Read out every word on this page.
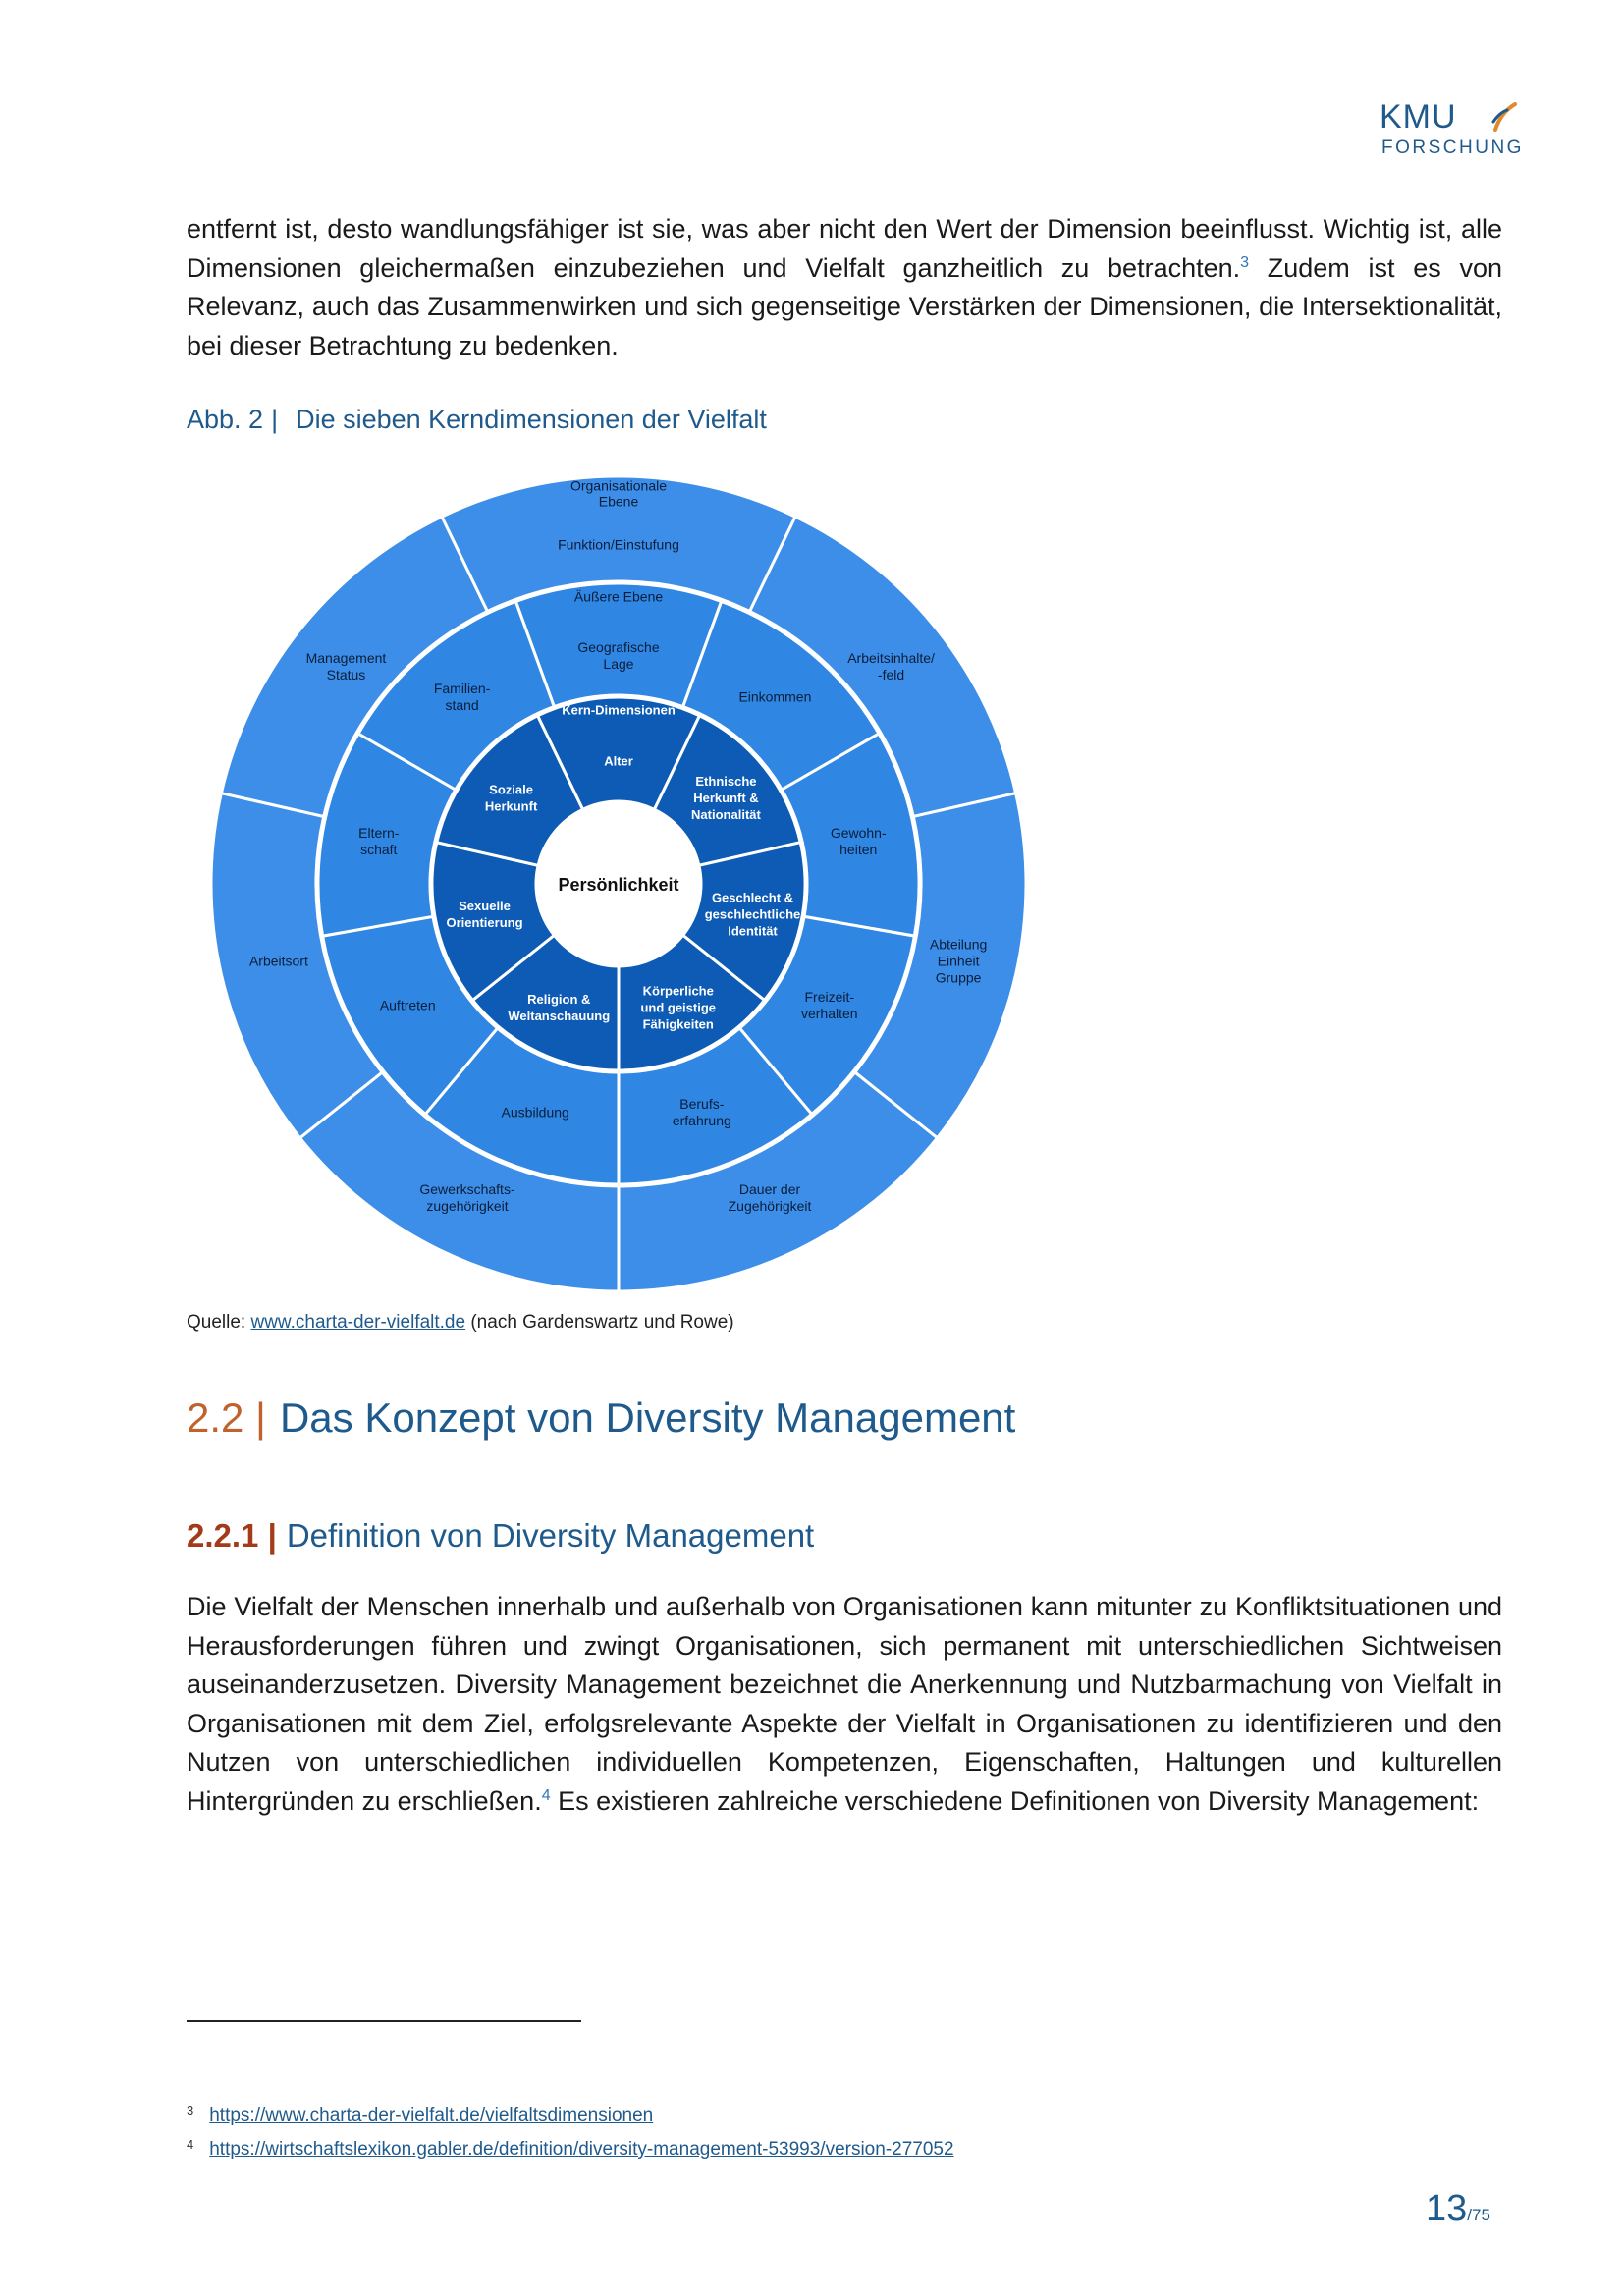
KMU
FORSCHUNG

entfernt ist, desto wandlungsfähiger ist sie, was aber nicht den Wert der Dimension beeinflusst. Wichtig ist, alle Dimensionen gleichermaßen einzubeziehen und Vielfalt ganzheitlich zu betrachten.$^3$ Zudem ist es von Relevanz, auch das Zusammenwirken und sich gegenseitige Verstärken der Dimensionen, die Intersektionalität, bei dieser Betrachtung zu bedenken.

Abb. 2 | Die sieben Kerndimensionen der Vielfalt
Persönlichkeit
Organisationale Ebene
Äußere Ebene
Kern-Dimensionen
Funktion/Einstufung
Arbeitsinhalte/ -feld
Abteilung Einheit Gruppe
Dauer der Zugehörigkeit
Gewerkschafts-zugehörigkeit
Arbeitsort
Management Status
Geografische Lage
Einkommen
Gewohn-heiten
Freizeit-verhalten
Berufs-erfahrung
Ausbildung
Auftreten
Eltern-schaft
Familien-stand
Alter
Ethnische Herkunft & Nationalität
Geschlecht & geschlechtliche Identität
Körperliche und geistige Fähigkeiten
Religion & Weltanschauung
Sexuelle Orientierung
Soziale Herkunft
Quelle: www.charta-der-vielfalt.de (nach Gardenswartz und Rowe)
2.2 | Das Konzept von Diversity Management
2.2.1 | Definition von Diversity Management

Die Vielfalt der Menschen innerhalb und außerhalb von Organisationen kann mitunter zu Konfliktsituationen und Herausforderungen führen und zwingt Organisationen, sich permanent mit unterschiedlichen Sichtweisen auseinanderzusetzen. Diversity Management bezeichnet die Anerkennung und Nutzbarmachung von Vielfalt in Organisationen mit dem Ziel, erfolgsrelevante Aspekte der Vielfalt in Organisationen zu identifizieren und den Nutzen von unterschiedlichen individuellen Kompetenzen, Eigenschaften, Haltungen und kulturellen Hintergründen zu erschließen.$^4$ Es existieren zahlreiche verschiedene Definitionen von Diversity Management:

$^3$ https://www.charta-der-vielfalt.de/vielfaltsdimensionen
$^4$ https://wirtschaftslexikon.gabler.de/definition/diversity-management-53993/version-277052
13/75
